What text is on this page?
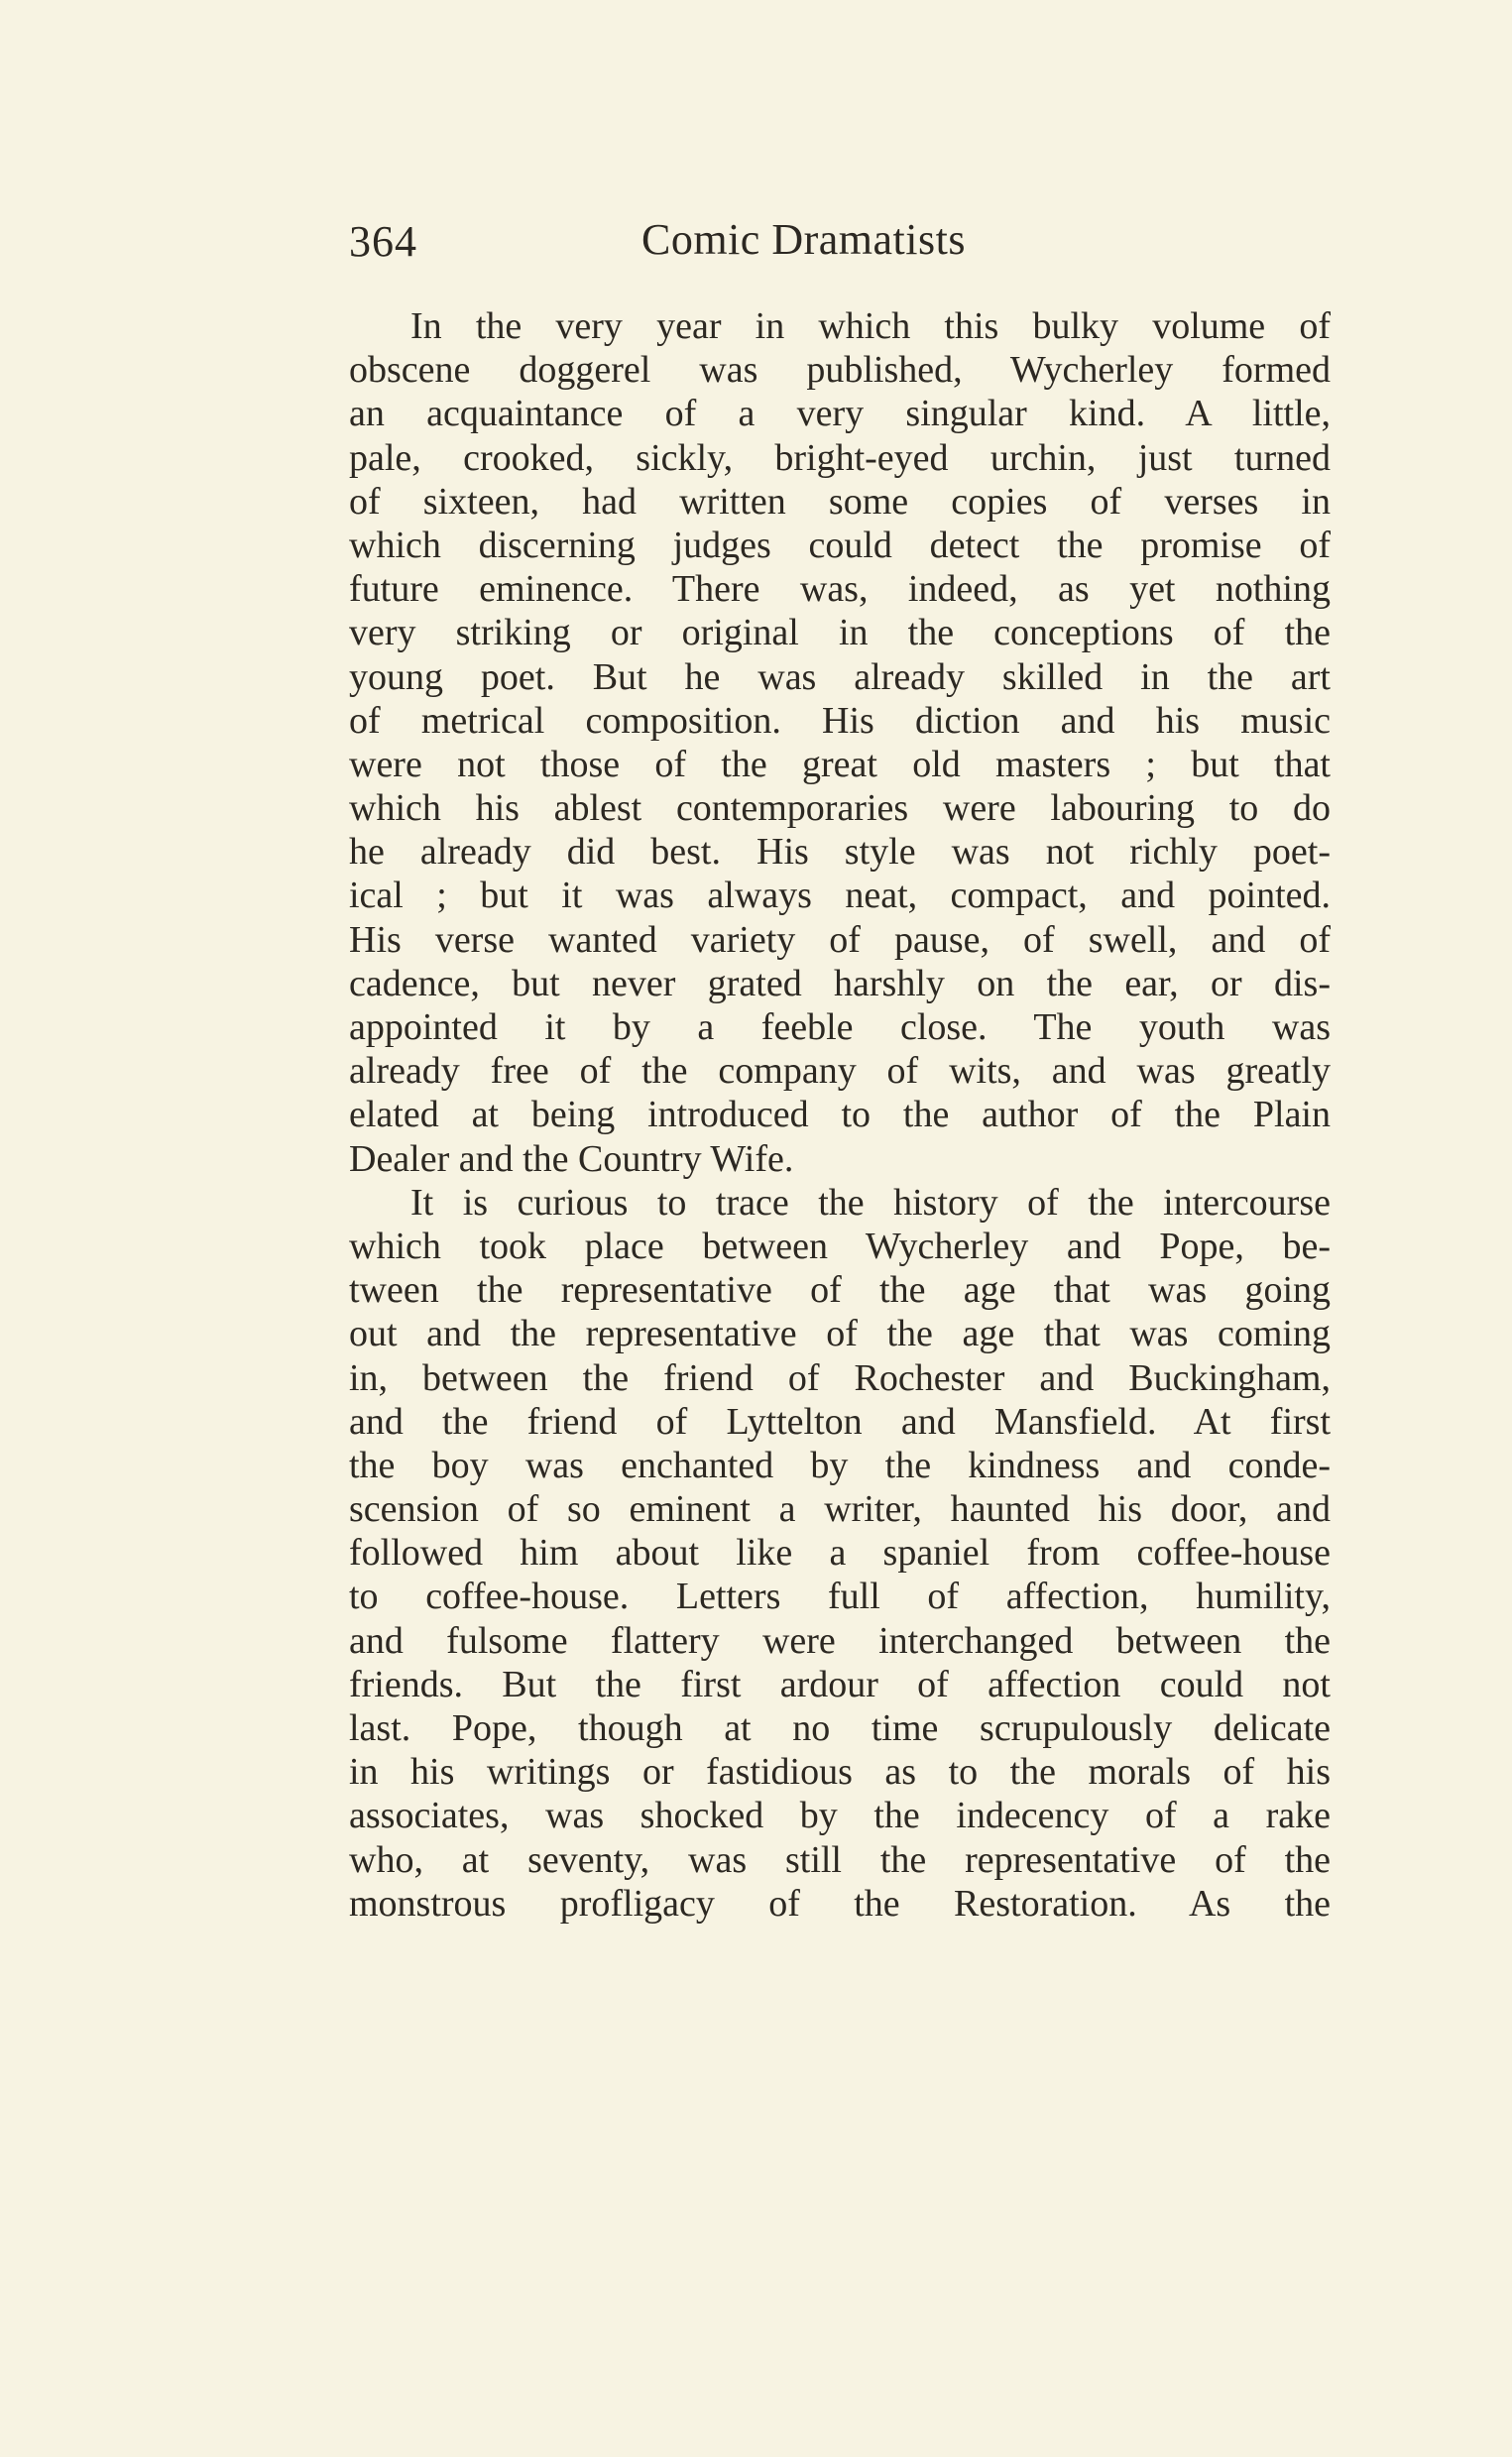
364	Comic Dramatists
In the very year in which this bulky volume of
obscene doggerel was published, Wycherley formed
an acquaintance of a very singular kind. A little,
pale, crooked, sickly, bright-eyed urchin, just turned
of sixteen, had written some copies of verses in
which discerning judges could detect the promise of
future eminence. There was, indeed, as yet nothing
very striking or original in the conceptions of the
young poet. But he was already skilled in the art
of metrical composition. His diction and his music
were not those of the great old masters ; but that
which his ablest contemporaries were labouring to do
he already did best. His style was not richly poet-
ical ; but it was always neat, compact, and pointed.
His verse wanted variety of pause, of swell, and of
cadence, but never grated harshly on the ear, or dis-
appointed it by a feeble close. The youth was
already free of the company of wits, and was greatly
elated at being introduced to the author of the Plain
Dealer and the Country Wife.
It is curious to trace the history of the intercourse
which took place between Wycherley and Pope, be-
tween the representative of the age that was going
out and the representative of the age that was coming
in, between the friend of Rochester and Buckingham,
and the friend of Lyttelton and Mansfield. At first
the boy was enchanted by the kindness and conde-
scension of so eminent a writer, haunted his door, and
followed him about like a spaniel from coffee-house
to coffee-house. Letters full of affection, humility,
and fulsome flattery were interchanged between the
friends. But the first ardour of affection could not
last. Pope, though at no time scrupulously delicate
in his writings or fastidious as to the morals of his
associates, was shocked by the indecency of a rake
who, at seventy, was still the representative of the
monstrous profligacy of the Restoration. As the
